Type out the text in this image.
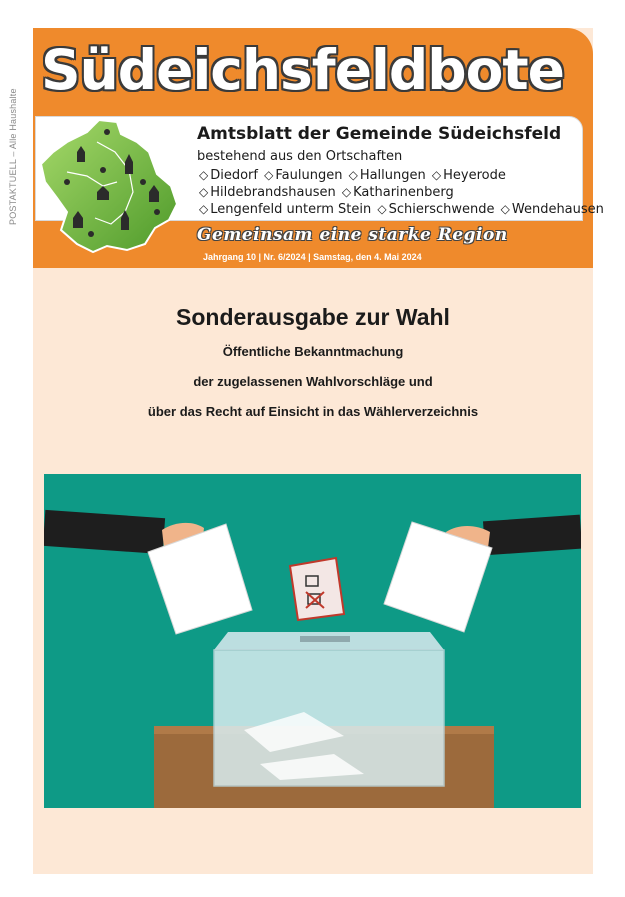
POSTAKTUELL – Alle Haushalte
Südeichsfeldbote
Amtsblatt der Gemeinde Südeichsfeld
bestehend aus den Ortschaften
◇ Diedorf ◇ Faulungen ◇ Hallungen ◇ Heyerode
◇ Hildebrandshausen ◇ Katharinenberg
◇ Lengenfeld unterm Stein ◇ Schierschwende ◇ Wendehausen
Gemeinsam eine starke Region
Jahrgang 10 | Nr. 6/2024 | Samstag, den 4. Mai 2024
Sonderausgabe zur Wahl
Öffentliche Bekanntmachung
der zugelassenen Wahlvorschläge und
über das Recht auf Einsicht in das Wählerverzeichnis
